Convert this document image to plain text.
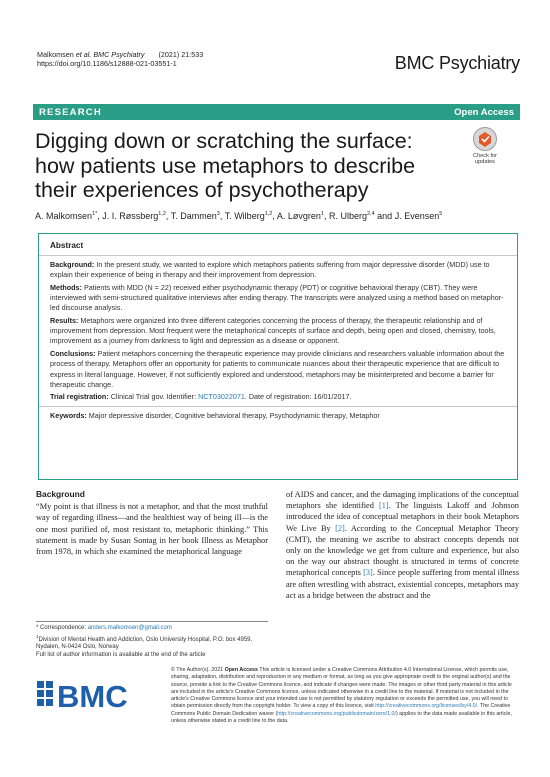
Malkomsen et al. BMC Psychiatry (2021) 21:533
https://doi.org/10.1186/s12888-021-03551-1	BMC Psychiatry
RESEARCH	Open Access
Digging down or scratching the surface: how patients use metaphors to describe their experiences of psychotherapy
Check for
updates
A. Malkomsen$^{1*}$, J. I. Røssberg$^{1,2}$, T. Dammen$^3$, T. Wilberg$^{1,2}$, A. Løvgren$^1$, R. Ulberg$^{2,4}$ and J. Evensen$^5$
Abstract

Background: In the present study, we wanted to explore which metaphors patients suffering from major depressive disorder (MDD) use to explain their experience of being in therapy and their improvement from depression.

Methods: Patients with MDD (N = 22) received either psychodynamic therapy (PDT) or cognitive behavioral therapy (CBT). They were interviewed with semi-structured qualitative interviews after ending therapy. The transcripts were analyzed using a method based on metaphor-led discourse analysis.

Results: Metaphors were organized into three different categories concerning the process of therapy, the therapeutic relationship and of improvement from depression. Most frequent were the metaphorical concepts of surface and depth, being open and closed, chemistry, tools, improvement as a journey from darkness to light and depression as a disease or opponent.

Conclusions: Patient metaphors concerning the therapeutic experience may provide clinicians and researchers valuable information about the process of therapy. Metaphors offer an opportunity for patients to communicate nuances about their therapeutic experience that are difficult to express in literal language. However, if not sufficiently explored and understood, metaphors may be misinterpreted and become a barrier for therapeutic change.

Trial registration: Clinical Trial gov. Identifier: NCT03022071. Date of registration: 16/01/2017.

Keywords: Major depressive disorder, Cognitive behavioral therapy, Psychodynamic therapy, Metaphor

Background

“My point is that illness is not a metaphor, and that the most truthful way of regarding illness—and the healthiest way of being ill—is the one most purified of, most resistant to, metaphoric thinking.” This statement is made by Susan Sontag in her book Illness as Metaphor from 1978, in which she examined the metaphorical language

of AIDS and cancer, and the damaging implications of the conceptual metaphors she identified [1]. The linguists Lakoff and Johnson introduced the idea of conceptual metaphors in their book Metaphors We Live By [2]. According to the Conceptual Metaphor Theory (CMT), the meaning we ascribe to abstract concepts depends not only on the knowledge we get from culture and experience, but also on the way our abstract thought is structured in terms of concrete metaphorical concepts [3]. Since people suffering from mental illness are often wrestling with abstract, existential concepts, metaphors may act as a bridge between the abstract and the

* Correspondence: anders.malkomsen@gmail.com
$^1$Division of Mental Health and Addiction, Oslo University Hospital, P.O. box 4959, Nydalen, N-0424 Oslo, Norway
Full list of author information is available at the end of the article
BMC
© The Author(s). 2021 Open Access This article is licensed under a Creative Commons Attribution 4.0 International License, which permits use, sharing, adaptation, distribution and reproduction in any medium or format, as long as you give appropriate credit to the original author(s) and the source, provide a link to the Creative Commons licence, and indicate if changes were made. The images or other third party material in this article are included in the article's Creative Commons licence, unless indicated otherwise in a credit line to the material. If material is not included in the article's Creative Commons licence and your intended use is not permitted by statutory regulation or exceeds the permitted use, you will need to obtain permission directly from the copyright holder. To view a copy of this licence, visit http://creativecommons.org/licenses/by/4.0/. The Creative Commons Public Domain Dedication waiver (http://creativecommons.org/publicdomain/zero/1.0/) applies to the data made available in this article, unless otherwise stated in a credit line to the data.
